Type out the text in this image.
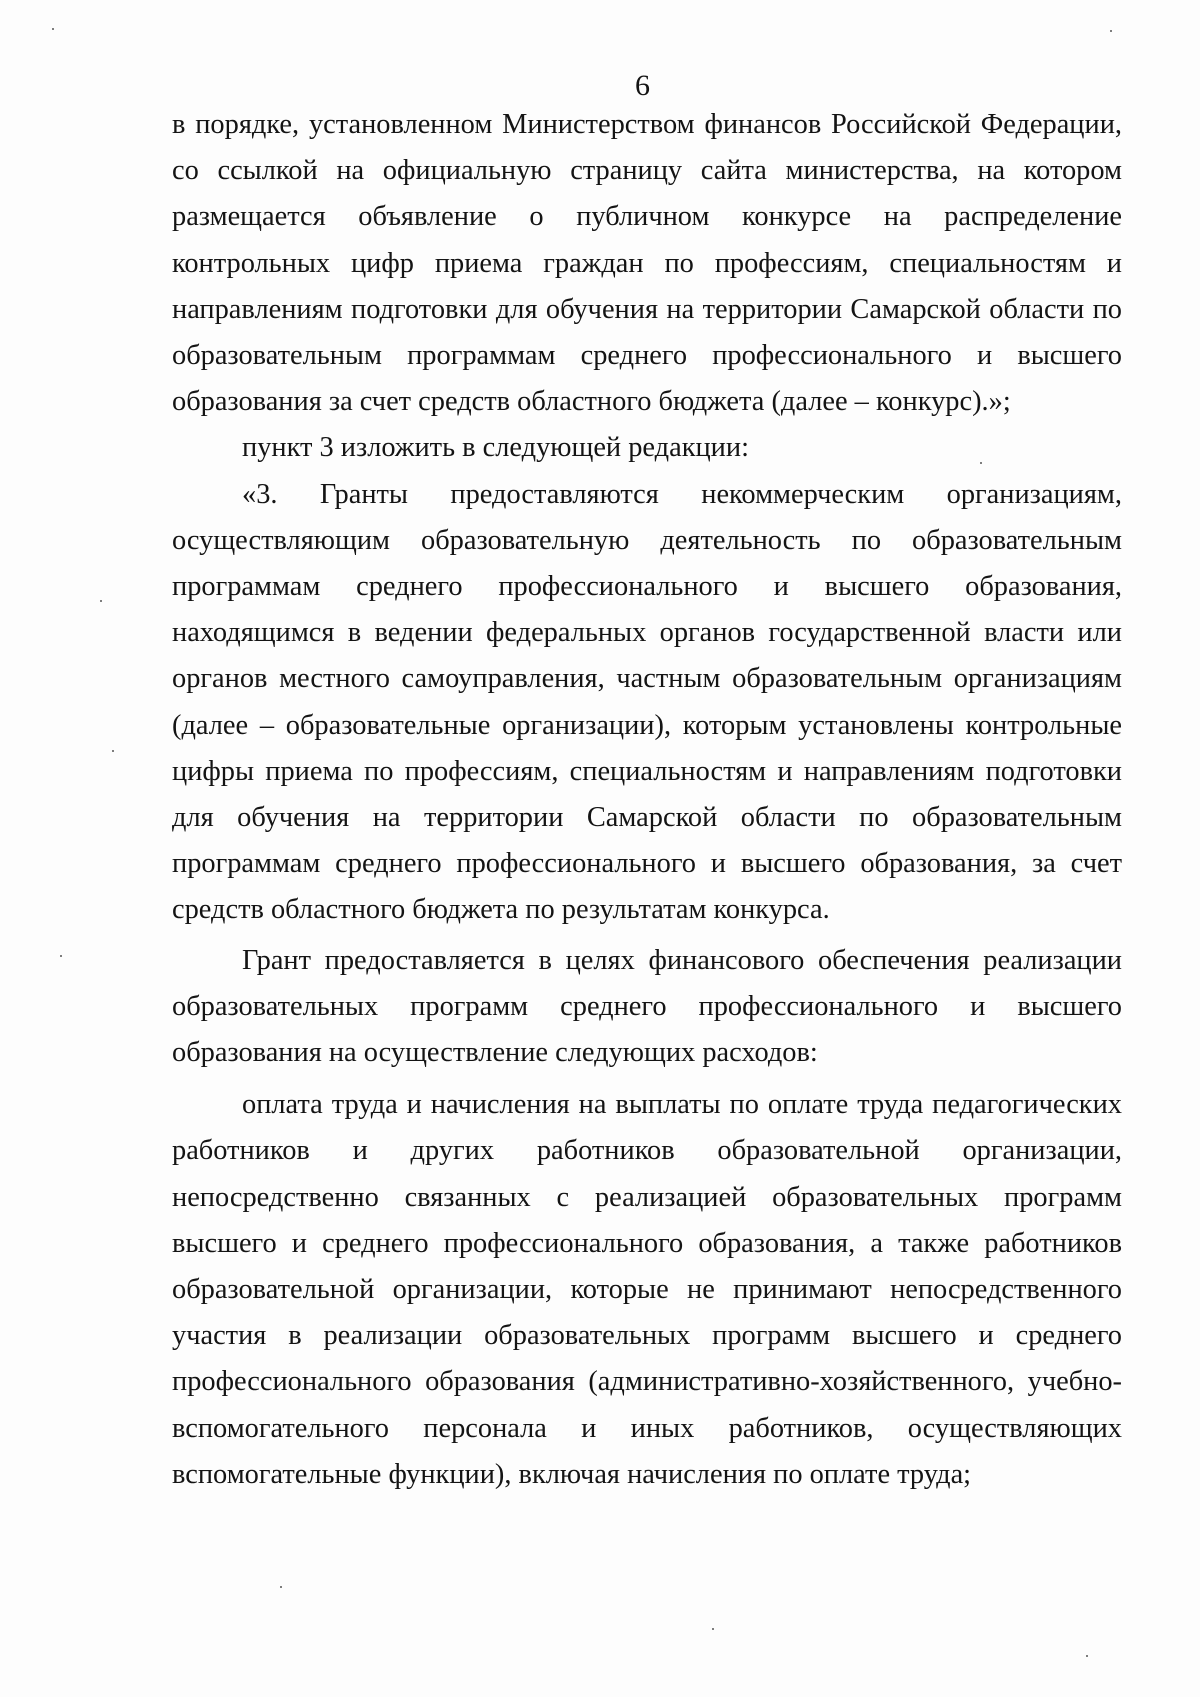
6

в порядке, установленном Министерством финансов Российской Федерации, со ссылкой на официальную страницу сайта министерства, на котором размещается объявление о публичном конкурсе на распределение контрольных цифр приема граждан по профессиям, специальностям и направлениям подготовки для обучения на территории Самарской области по образовательным программам среднего профессионального и высшего образования за счет средств областного бюджета (далее – конкурс).»;

пункт 3 изложить в следующей редакции:

«3. Гранты предоставляются некоммерческим организациям, осуществляющим образовательную деятельность по образовательным программам среднего профессионального и высшего образования, находящимся в ведении федеральных органов государственной власти или органов местного самоуправления, частным образовательным организациям (далее – образовательные организации), которым установлены контрольные цифры приема по профессиям, специальностям и направлениям подготовки для обучения на территории Самарской области по образовательным программам среднего профессионального и высшего образования, за счет средств областного бюджета по результатам конкурса.

Грант предоставляется в целях финансового обеспечения реализации образовательных программ среднего профессионального и высшего образования на осуществление следующих расходов:

оплата труда и начисления на выплаты по оплате труда педагогических работников и других работников образовательной организации, непосредственно связанных с реализацией образовательных программ высшего и среднего профессионального образования, а также работников образовательной организации, которые не принимают непосредственного участия в реализации образовательных программ высшего и среднего профессионального образования (административно-хозяйственного, учебно-вспомогательного персонала и иных работников, осуществляющих вспомогательные функции), включая начисления по оплате труда;
